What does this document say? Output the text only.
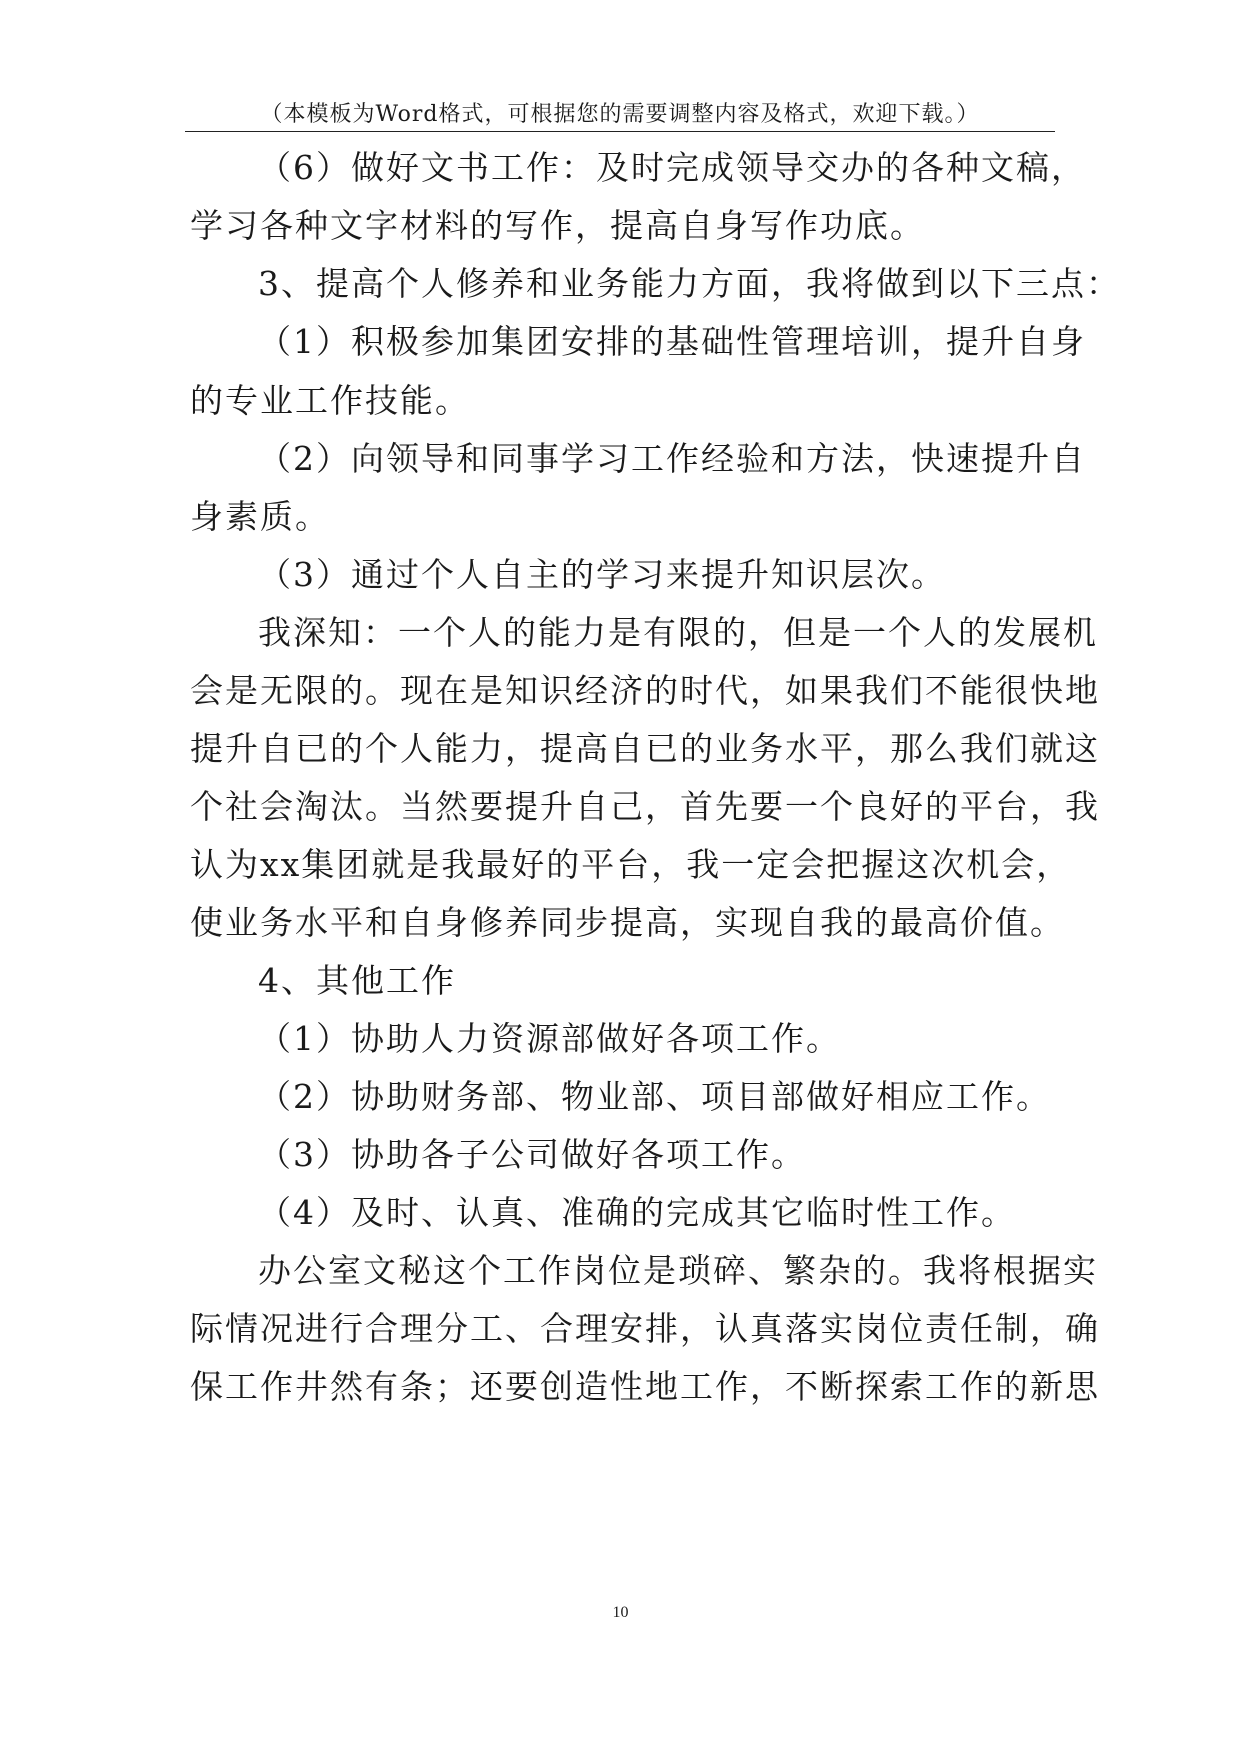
（本模板为Word格式，可根据您的需要调整内容及格式，欢迎下载。）
（6）做好文书工作：及时完成领导交办的各种文稿，
学习各种文字材料的写作，提高自身写作功底。
3、提高个人修养和业务能力方面，我将做到以下三点：
（1）积极参加集团安排的基础性管理培训，提升自身
的专业工作技能。
（2）向领导和同事学习工作经验和方法，快速提升自
身素质。
（3）通过个人自主的学习来提升知识层次。
我深知：一个人的能力是有限的，但是一个人的发展机
会是无限的。现在是知识经济的时代，如果我们不能很快地
提升自已的个人能力，提高自已的业务水平，那么我们就这
个社会淘汰。当然要提升自己，首先要一个良好的平台，我
认为xx集团就是我最好的平台，我一定会把握这次机会，
使业务水平和自身修养同步提高，实现自我的最高价值。
4、其他工作
（1）协助人力资源部做好各项工作。
（2）协助财务部、物业部、项目部做好相应工作。
（3）协助各子公司做好各项工作。
（4）及时、认真、准确的完成其它临时性工作。
办公室文秘这个工作岗位是琐碎、繁杂的。我将根据实
际情况进行合理分工、合理安排，认真落实岗位责任制，确
保工作井然有条；还要创造性地工作，不断探索工作的新思
10
